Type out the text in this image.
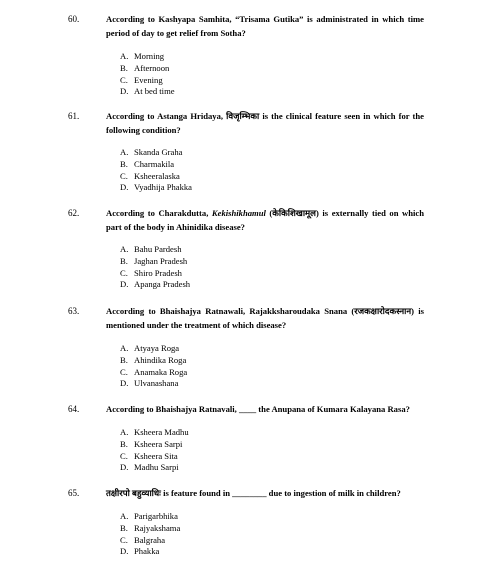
60.	According to Kashyapa Samhita, “Trisama Gutika” is administrated in which time period of day to get relief from Sotha?
A. Morning
B. Afternoon
C. Evening
D. At bed time
61.	According to Astanga Hridaya, विजृम्भिका is the clinical feature seen in which for the following condition?
A. Skanda Graha
B. Charmakila
C. Ksheeralaska
D. Vyadhija Phakka
62.	According to Charakdutta, Kekishikhamul (केकिशिखामूल) is externally tied on which part of the body in Ahinidika disease?
A. Bahu Pardesh
B. Jaghan Pradesh
C. Shiro Pradesh
D. Apanga Pradesh
63.	According to Bhaishajya Ratnawali, Rajakksharoudaka Snana (रजकक्षारोदकस्नान) is mentioned under the treatment of which disease?
A. Atyaya Roga
B. Ahindika Roga
C. Anamaka Roga
D. Ulvanashana
64.	According to Bhaishajya Ratnavali, ____ the Anupana of Kumara Kalayana Rasa?
A. Ksheera Madhu
B. Ksheera Sarpi
C. Ksheera Sita
D. Madhu Sarpi
65.	तक्षीरपो बहुव्याधिः is feature found in ________ due to ingestion of milk in children?
A. Parigarbhika
B. Rajyakshama
C. Balgraha
D. Phakka
